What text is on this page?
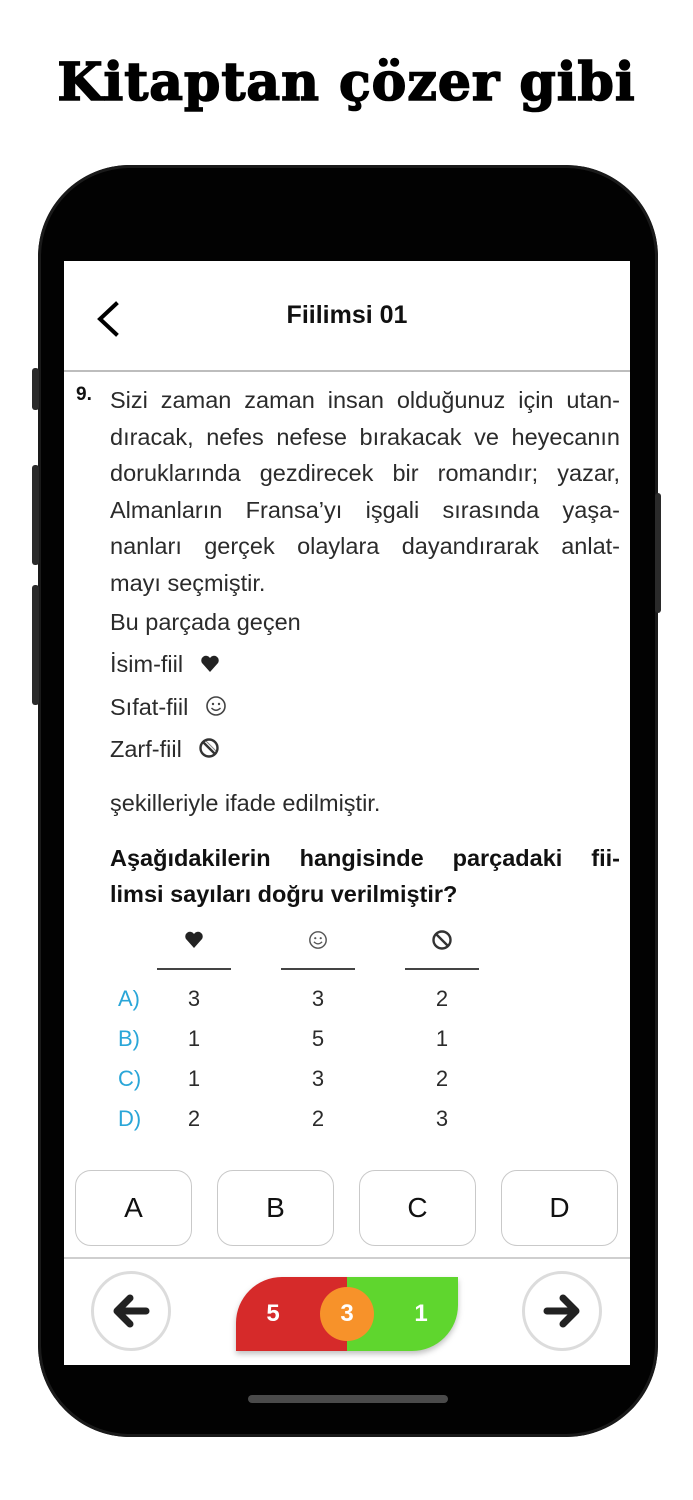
Kitaptan çözer gibi
Fiilimsi 01
9. Sizi zaman zaman insan olduğunuz için utan-
dıracak, nefes nefese bırakacak ve heyecanın
doruklarında gezdirecek bir romandır; yazar,
Almanların Fransa’yı işgali sırasında yaşa-
nanları gerçek olaylara dayandırarak anlat-
mayı seçmiştir.
Bu parçada geçen
İsim-fiil
Sıfat-fiil
Zarf-fiil
şekilleriyle ifade edilmiştir.
Aşağıdakilerin hangisinde parçadaki fii-
limsi sayıları doğru verilmiştir?
A)	3	3	2
B)	1	5	1
C)	1	3	2
D)	2	2	3
A	B	C	D
5	3	1
